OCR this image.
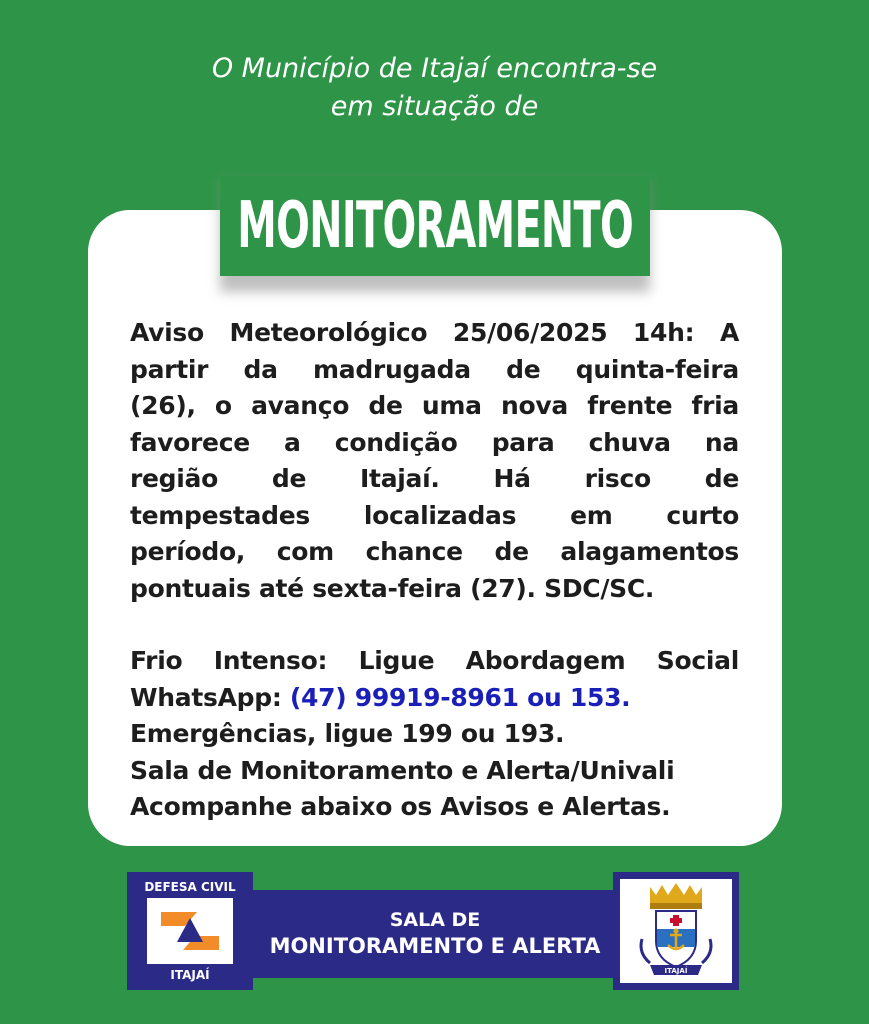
O Município de Itajaí encontra-se
em situação de
MONITORAMENTO
Aviso Meteorológico 25/06/2025 14h: A
partir da madrugada de quinta-feira
(26), o avanço de uma nova frente fria
favorece a condição para chuva na
região de Itajaí. Há risco de
tempestades localizadas em curto
período, com chance de alagamentos
pontuais até sexta-feira (27). SDC/SC.
Frio Intenso: Ligue Abordagem Social
WhatsApp: (47) 99919-8961 ou 153.
Emergências, ligue 199 ou 193.
Sala de Monitoramento e Alerta/Univali
Acompanhe abaixo os Avisos e Alertas.
SALA DE
MONITORAMENTO E ALERTA
DEFESA CIVIL
ITAJAÍ	ITAJAÍ
